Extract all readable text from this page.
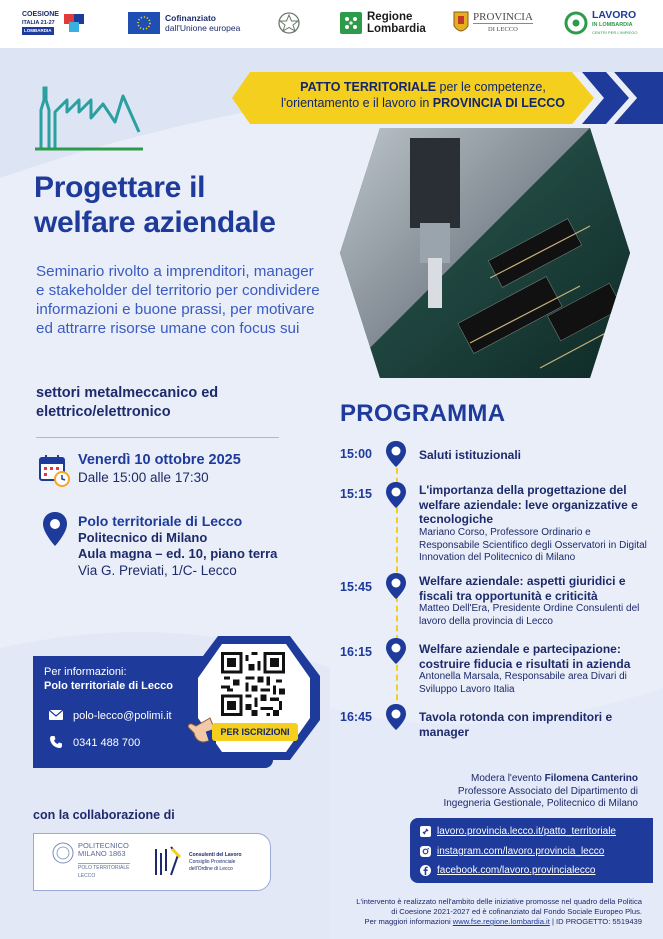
COESIONE
ITALIA 21-27
LOMBARDIA
Cofinanziato
dall'Unione europea
Regione
Lombardia
PROVINCIA
DI LECCO
LAVORO
IN LOMBARDIA
CENTRI PER L'IMPIEGO
PATTO TERRITORIALE per le competenze,
l'orientamento e il lavoro in PROVINCIA DI LECCO
Progettare il
welfare aziendale
Seminario rivolto a imprenditori, manager e stakeholder del territorio per condividere informazioni e buone prassi, per motivare ed attrarre risorse umane con focus sui
settori metalmeccanico ed elettrico/elettronico
Venerdì 10 ottobre 2025
Dalle 15:00 alle 17:30
Polo territoriale di Lecco
Politecnico di Milano
Aula magna – ed. 10, piano terra
Via G. Previati, 1/C- Lecco
Per informazioni:
Polo territoriale di Lecco
polo-lecco@polimi.it
0341 488 700
PER ISCRIZIONI
con la collaborazione di
POLITECNICO
MILANO 1863
POLO TERRITORIALE
LECCO
Consulenti del Lavoro
Consiglio Provinciale
dell'Ordine di Lecco
PROGRAMMA
15:00	Saluti istituzionali
15:15	L'importanza della progettazione del welfare aziendale: leve organizzative e tecnologiche
Mariano Corso, Professore Ordinario e Responsabile Scientifico degli Osservatori in Digital Innovation del Politecnico di Milano
15:45	Welfare aziendale: aspetti giuridici e fiscali tra opportunità e criticità
Matteo Dell'Era, Presidente Ordine Consulenti del lavoro della provincia di Lecco
16:15	Welfare aziendale e partecipazione: costruire fiducia e risultati in azienda
Antonella Marsala, Responsabile area Divari di Sviluppo Lavoro Italia
16:45	Tavola rotonda con imprenditori e manager
Modera l'evento Filomena Canterino
Professore Associato del Dipartimento di
Ingegneria Gestionale, Politecnico di Milano
lavoro.provincia.lecco.it/patto_territoriale
instagram.com/lavoro.provincia_lecco
facebook.com/lavoro.provincialecco
L'intervento è realizzato nell'ambito delle iniziative promosse nel quadro della Politica
di Coesione 2021-2027 ed è cofinanziato dal Fondo Sociale Europeo Plus.
Per maggiori informazioni www.fse.regione.lombardia.it | ID PROGETTO: 5519439
